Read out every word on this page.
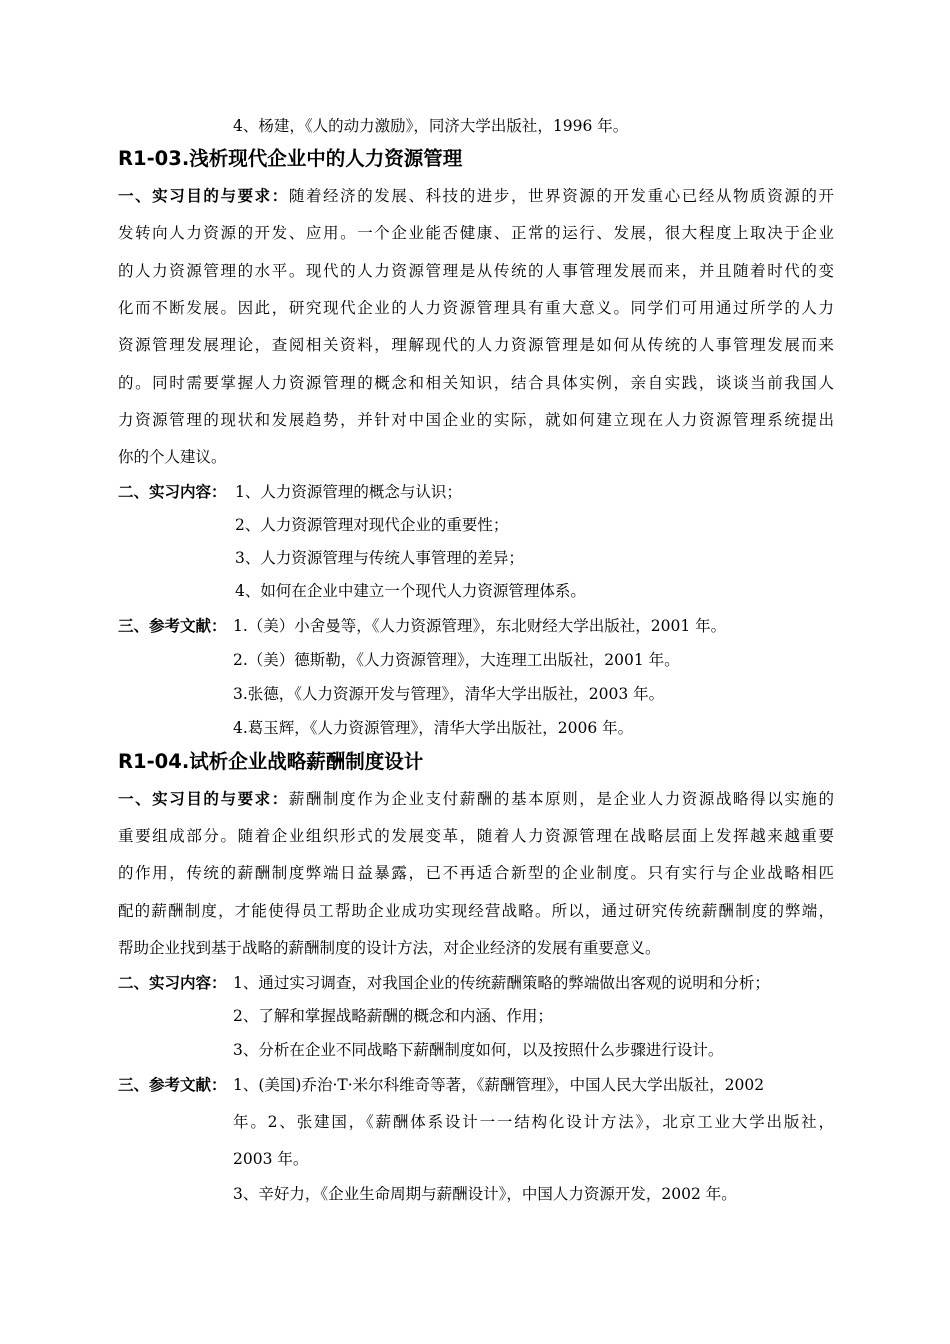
4、杨建，《人的动力激励》，同济大学出版社，1996 年。
R1-03.浅析现代企业中的人力资源管理
一、实习目的与要求：随着经济的发展、科技的进步，世界资源的开发重心已经从物质资源的开
发转向人力资源的开发、应用。一个企业能否健康、正常的运行、发展，很大程度上取决于企业
的人力资源管理的水平。现代的人力资源管理是从传统的人事管理发展而来，并且随着时代的变
化而不断发展。因此，研究现代企业的人力资源管理具有重大意义。同学们可用通过所学的人力
资源管理发展理论，查阅相关资料，理解现代的人力资源管理是如何从传统的人事管理发展而来
的。同时需要掌握人力资源管理的概念和相关知识，结合具体实例，亲自实践，谈谈当前我国人
力资源管理的现状和发展趋势，并针对中国企业的实际，就如何建立现在人力资源管理系统提出
你的个人建议。
二、实习内容： 1、人力资源管理的概念与认识；
2、人力资源管理对现代企业的重要性；
3、人力资源管理与传统人事管理的差异；
4、如何在企业中建立一个现代人力资源管理体系。
三、参考文献： 1.（美）小舍曼等，《人力资源管理》，东北财经大学出版社，2001 年。
2.（美）德斯勒，《人力资源管理》，大连理工出版社，2001 年。
3.张德，《人力资源开发与管理》，清华大学出版社，2003 年。
4.葛玉辉，《人力资源管理》，清华大学出版社，2006 年。
R1-04.试析企业战略薪酬制度设计
一、实习目的与要求：薪酬制度作为企业支付薪酬的基本原则，是企业人力资源战略得以实施的
重要组成部分。随着企业组织形式的发展变革，随着人力资源管理在战略层面上发挥越来越重要
的作用，传统的薪酬制度弊端日益暴露，已不再适合新型的企业制度。只有实行与企业战略相匹
配的薪酬制度，才能使得员工帮助企业成功实现经营战略。所以，通过研究传统薪酬制度的弊端，
帮助企业找到基于战略的薪酬制度的设计方法，对企业经济的发展有重要意义。
二、实习内容： 1、通过实习调查，对我国企业的传统薪酬策略的弊端做出客观的说明和分析；
2、了解和掌握战略薪酬的概念和内涵、作用；
3、分析在企业不同战略下薪酬制度如何，以及按照什么步骤进行设计。
三、参考文献： 1、(美国)乔治·T·米尔科维奇等著，《薪酬管理》，中国人民大学出版社，2002
年。2、张建国，《薪酬体系设计一一结构化设计方法》，北京工业大学出版社，
2003 年。
3、辛好力，《企业生命周期与薪酬设计》，中国人力资源开发，2002 年。
